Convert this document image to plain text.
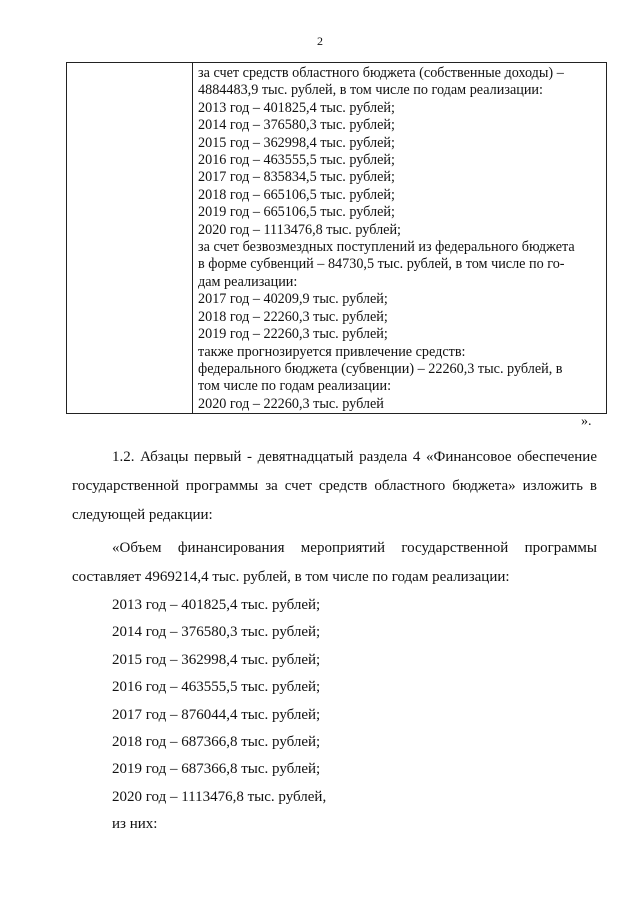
2
за счет средств областного бюджета (собственные доходы) –
4884483,9 тыс. рублей, в том числе по годам реализации:
2013 год – 401825,4 тыс. рублей;
2014 год – 376580,3 тыс. рублей;
2015 год – 362998,4 тыс. рублей;
2016 год – 463555,5 тыс. рублей;
2017 год – 835834,5 тыс. рублей;
2018 год – 665106,5 тыс. рублей;
2019 год – 665106,5 тыс. рублей;
2020 год – 1113476,8 тыс. рублей;
за счет безвозмездных поступлений из федерального бюджета
в форме субвенций – 84730,5 тыс. рублей, в том числе по го-
дам реализации:
2017 год – 40209,9 тыс. рублей;
2018 год – 22260,3 тыс. рублей;
2019 год – 22260,3 тыс. рублей;
также прогнозируется привлечение средств:
федерального бюджета (субвенции) – 22260,3 тыс. рублей, в
том числе по годам реализации:
2020 год – 22260,3 тыс. рублей
».

1.2. Абзацы первый - девятнадцатый раздела 4 «Финансовое обеспечение государственной программы за счет средств областного бюджета» изложить в следующей редакции:

«Объем финансирования мероприятий государственной программы составляет 4969214,4 тыс. рублей, в том числе по годам реализации:

2013 год – 401825,4 тыс. рублей;
2014 год – 376580,3 тыс. рублей;
2015 год – 362998,4 тыс. рублей;
2016 год – 463555,5 тыс. рублей;
2017 год – 876044,4 тыс. рублей;
2018 год – 687366,8 тыс. рублей;
2019 год – 687366,8 тыс. рублей;
2020 год – 1113476,8 тыс. рублей,
из них:
